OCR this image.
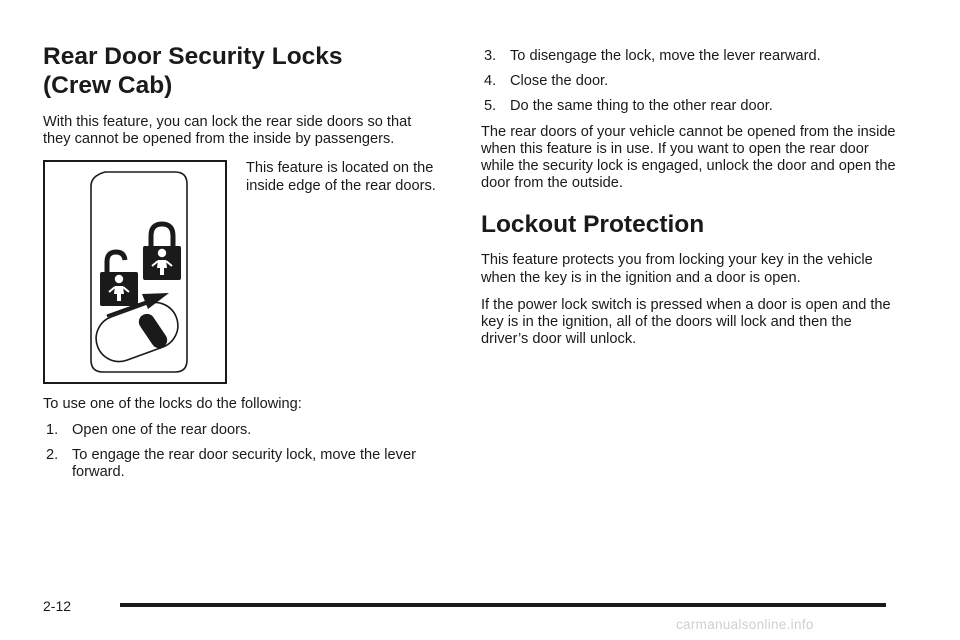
Rear Door Security Locks
(Crew Cab)

With this feature, you can lock the rear side doors so that they cannot be opened from the inside by passengers.

This feature is located on the inside edge of the rear doors.

To use one of the locks do the following:

1. Open one of the rear doors.
2. To engage the rear door security lock, move the lever forward.
3. To disengage the lock, move the lever rearward.
4. Close the door.
5. Do the same thing to the other rear door.

The rear doors of your vehicle cannot be opened from the inside when this feature is in use. If you want to open the rear door while the security lock is engaged, unlock the door and open the door from the outside.

Lockout Protection

This feature protects you from locking your key in the vehicle when the key is in the ignition and a door is open.

If the power lock switch is pressed when a door is open and the key is in the ignition, all of the doors will lock and then the driver’s door will unlock.

2-12
carmanualsonline.info
